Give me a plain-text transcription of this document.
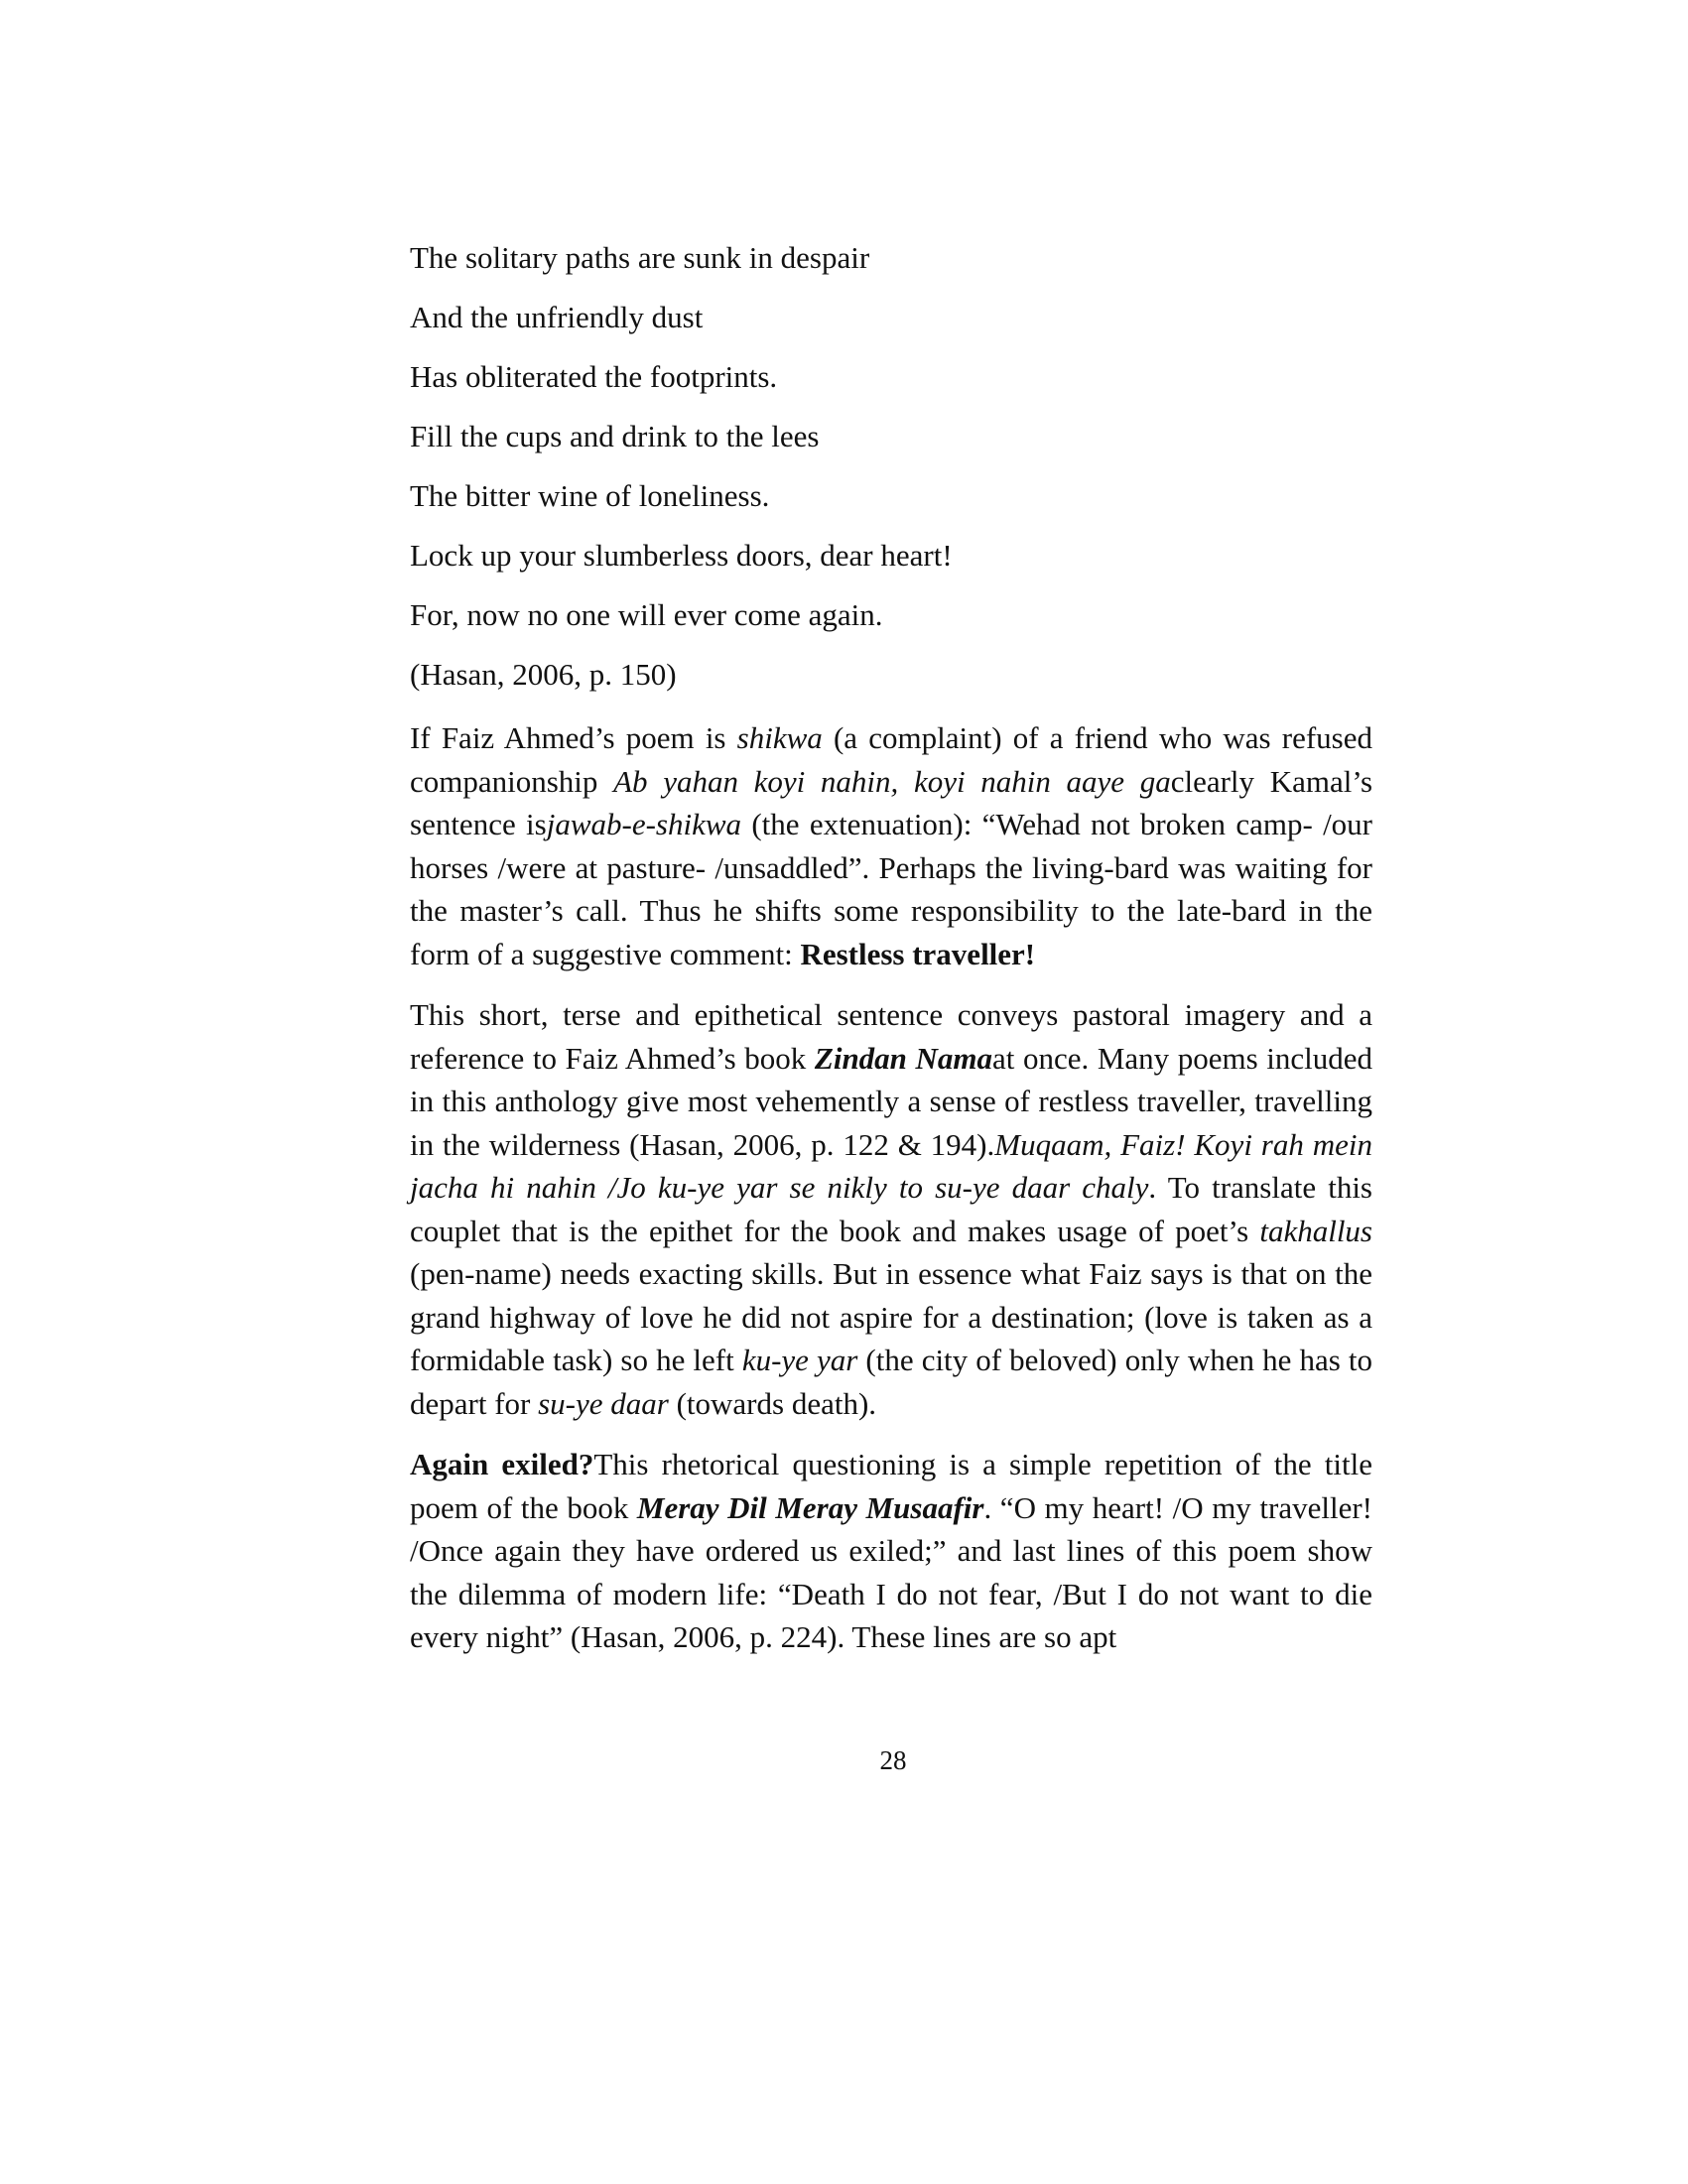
The solitary paths are sunk in despair
And the unfriendly dust
Has obliterated the footprints.
Fill the cups and drink to the lees
The bitter wine of loneliness.
Lock up your slumberless doors, dear heart!
For, now no one will ever come again.
(Hasan, 2006, p. 150)

If Faiz Ahmed’s poem is shikwa (a complaint) of a friend who was refused companionship Ab yahan koyi nahin, koyi nahin aaye gaclearly Kamal’s sentence isjawab-e-shikwa (the extenuation): “Wehad not broken camp- /our horses /were at pasture- /unsaddled”. Perhaps the living-bard was waiting for the master’s call. Thus he shifts some responsibility to the late-bard in the form of a suggestive comment: Restless traveller!

This short, terse and epithetical sentence conveys pastoral imagery and a reference to Faiz Ahmed’s book Zindan Namaat once. Many poems included in this anthology give most vehemently a sense of restless traveller, travelling in the wilderness (Hasan, 2006, p. 122 & 194).Muqaam, Faiz! Koyi rah mein jacha hi nahin /Jo ku-ye yar se nikly to su-ye daar chaly. To translate this couplet that is the epithet for the book and makes usage of poet’s takhallus (pen-name) needs exacting skills. But in essence what Faiz says is that on the grand highway of love he did not aspire for a destination; (love is taken as a formidable task) so he left ku-ye yar (the city of beloved) only when he has to depart for su-ye daar (towards death).

Again exiled?This rhetorical questioning is a simple repetition of the title poem of the book Meray Dil Meray Musaafir. “O my heart! /O my traveller! /Once again they have ordered us exiled;” and last lines of this poem show the dilemma of modern life: “Death I do not fear, /But I do not want to die every night” (Hasan, 2006, p. 224). These lines are so apt

28
